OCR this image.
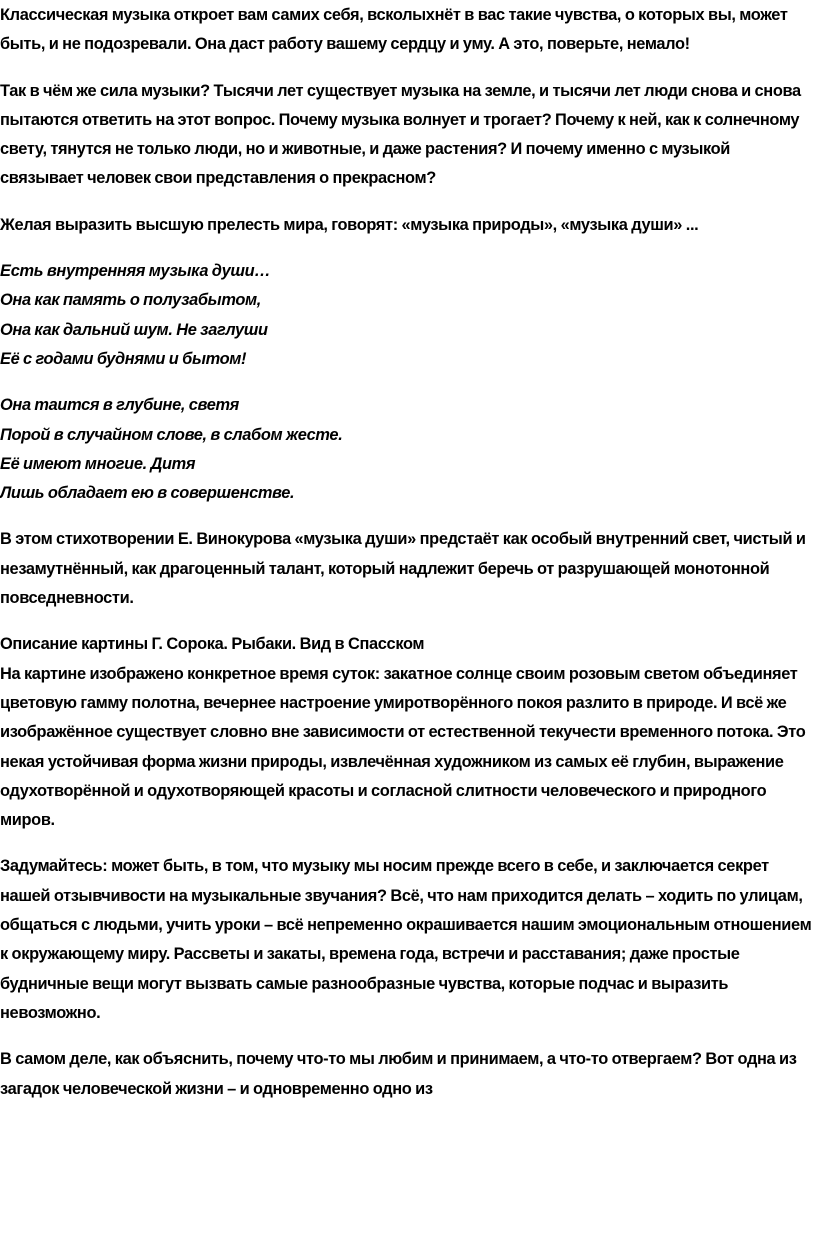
Классическая музыка откроет вам самих себя, всколыхнёт в вас такие чувства, о которых вы, может быть, и не подозревали. Она даст работу вашему сердцу и уму. А это, поверьте, немало!

Так в чём же сила музыки? Тысячи лет существует музыка на земле, и тысячи лет люди снова и снова пытаются ответить на этот вопрос. Почему музыка волнует и трогает? Почему к ней, как к солнечному свету, тянутся не только люди, но и животные, и даже растения? И почему именно с музыкой связывает человек свои представления о прекрасном?

Желая выразить высшую прелесть мира, говорят: «музыка природы», «музыка души» ...

Есть внутренняя музыка души…
Она как память о полузабытом,
Она как дальний шум. Не заглуши
Её с годами буднями и бытом!
Она таится в глубине, светя
Порой в случайном слове, в слабом жесте.
Её имеют многие. Дитя
Лишь обладает ею в совершенстве.

В этом стихотворении Е. Винокурова «музыка души» предстаёт как особый внутренний свет, чистый и незамутнённый, как драгоценный талант, который надлежит беречь от разрушающей монотонной повседневности.

Описание картины Г. Сорока. Рыбаки. Вид в Спасском

На картине изображено конкретное время суток: закатное солнце своим розовым светом объединяет цветовую гамму полотна, вечернее настроение умиротворённого покоя разлито в природе. И всё же изображённое существует словно вне зависимости от естественной текучести временного потока. Это некая устойчивая форма жизни природы, извлечённая художником из самых её глубин, выражение одухотворённой и одухотворяющей красоты и согласной слитности человеческого и природного миров.

Задумайтесь: может быть, в том, что музыку мы носим прежде всего в себе, и заключается секрет нашей отзывчивости на музыкальные звучания? Всё, что нам приходится делать – ходить по улицам, общаться с людьми, учить уроки – всё непременно окрашивается нашим эмоциональным отношением к окружающему миру. Рассветы и закаты, времена года, встречи и расставания; даже простые будничные вещи могут вызвать самые разнообразные чувства, которые подчас и выразить невозможно.

В самом деле, как объяснить, почему что-то мы любим и принимаем, а что-то отвергаем? Вот одна из загадок человеческой жизни – и одновременно одно из
